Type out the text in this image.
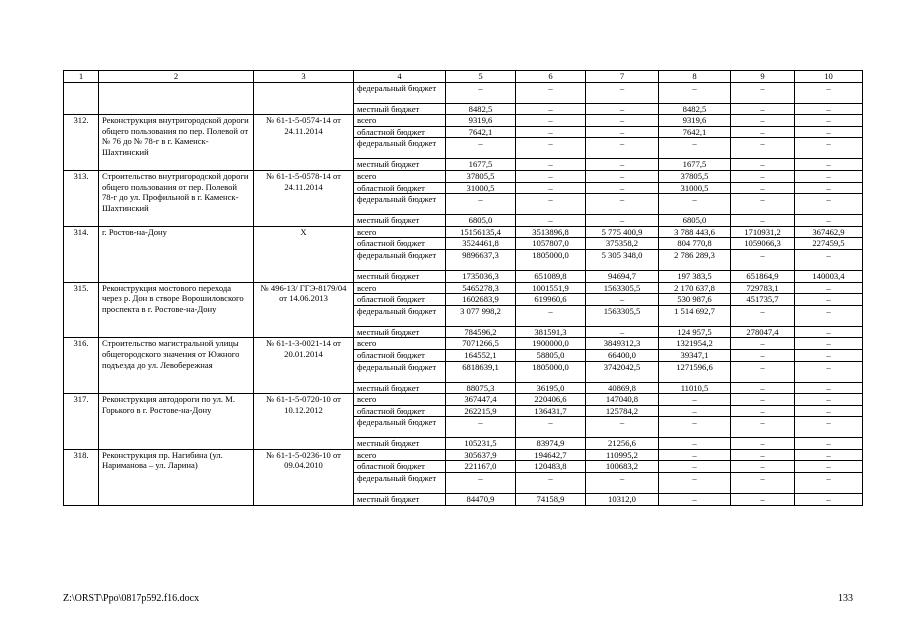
1	2	3	4	5	6	7	8	9	10
			федеральный бюджет	–	–	–	–	–	–
			местный бюджет	8482,5	–	–	8482,5	–	–
312.	Реконструкция внутригородской дороги общего пользования по пер. Полевой от № 76 до № 78-г в г. Каменск-Шахтинский	№ 61-1-5-0574-14 от 24.11.2014	всего	9319,6	–	–	9319,6	–	–
			областной бюджет	7642,1	–	–	7642,1	–	–
			федеральный бюджет	–	–	–	–	–	–
			местный бюджет	1677,5	–	–	1677,5	–	–
313.	Строительство внутригородской дороги общего пользования от пер. Полевой 78-г до ул. Профильной в г. Каменск-Шахтинский	№ 61-1-5-0578-14 от 24.11.2014	всего	37805,5	–	–	37805,5	–	–
			областной бюджет	31000,5	–	–	31000,5	–	–
			федеральный бюджет	–	–	–	–	–	–
			местный бюджет	6805,0	–	–	6805,0	–	–
314.	г. Ростов-на-Дону	Х	всего	15156135,4	3513896,8	5 775 400,9	3 788 443,6	1710931,2	367462,9
			областной бюджет	3524461,8	1057807,0	375358,2	804 770,8	1059066,3	227459,5
			федеральный бюджет	9896637,3	1805000,0	5 305 348,0	2 786 289,3	–	–
			местный бюджет	1735036,3	651089,8	94694,7	197 383,5	651864,9	140003,4
315.	Реконструкция мостового перехода через р. Дон в створе Ворошиловского проспекта в г. Ростове-на-Дону	№ 496-13/ ГГЭ-8179/04 от 14.06.2013	всего	5465278,3	1001551,9	1563305,5	2 170 637,8	729783,1	–
			областной бюджет	1602683,9	619960,6	–	530 987,6	451735,7	–
			федеральный бюджет	3 077 998,2	–	1563305,5	1 514 692,7	–	–
			местный бюджет	784596,2	381591,3	–	124 957,5	278047,4	–
316.	Строительство магистральной улицы общегородского значения от Южного подъезда до ул. Левобережная	№ 61-1-3-0021-14 от 20.01.2014	всего	7071266,5	1900000,0	3849312,3	1321954,2	–	–
			областной бюджет	164552,1	58805,0	66400,0	39347,1	–	–
			федеральный бюджет	6818639,1	1805000,0	3742042,5	1271596,6	–	–
			местный бюджет	88075,3	36195,0	40869,8	11010,5	–	–
317.	Реконструкция автодороги по ул. М. Горького в г. Ростове-на-Дону	№ 61-1-5-0720-10 от 10.12.2012	всего	367447,4	220406,6	147040,8	–	–	–
			областной бюджет	262215,9	136431,7	125784,2	–	–	–
			федеральный бюджет	–	–	–	–	–	–
			местный бюджет	105231,5	83974,9	21256,6	–	–	–
318.	Реконструкция пр. Нагибина (ул. Нариманова – ул. Ларина)	№ 61-1-5-0236-10 от 09.04.2010	всего	305637,9	194642,7	110995,2	–	–	–
			областной бюджет	221167,0	120483,8	100683,2	–	–	–
			федеральный бюджет	–	–	–	–	–	–
			местный бюджет	84470,9	74158,9	10312,0	–	–	–
Z:\ORST\Ppo\0817p592.f16.docx	133
